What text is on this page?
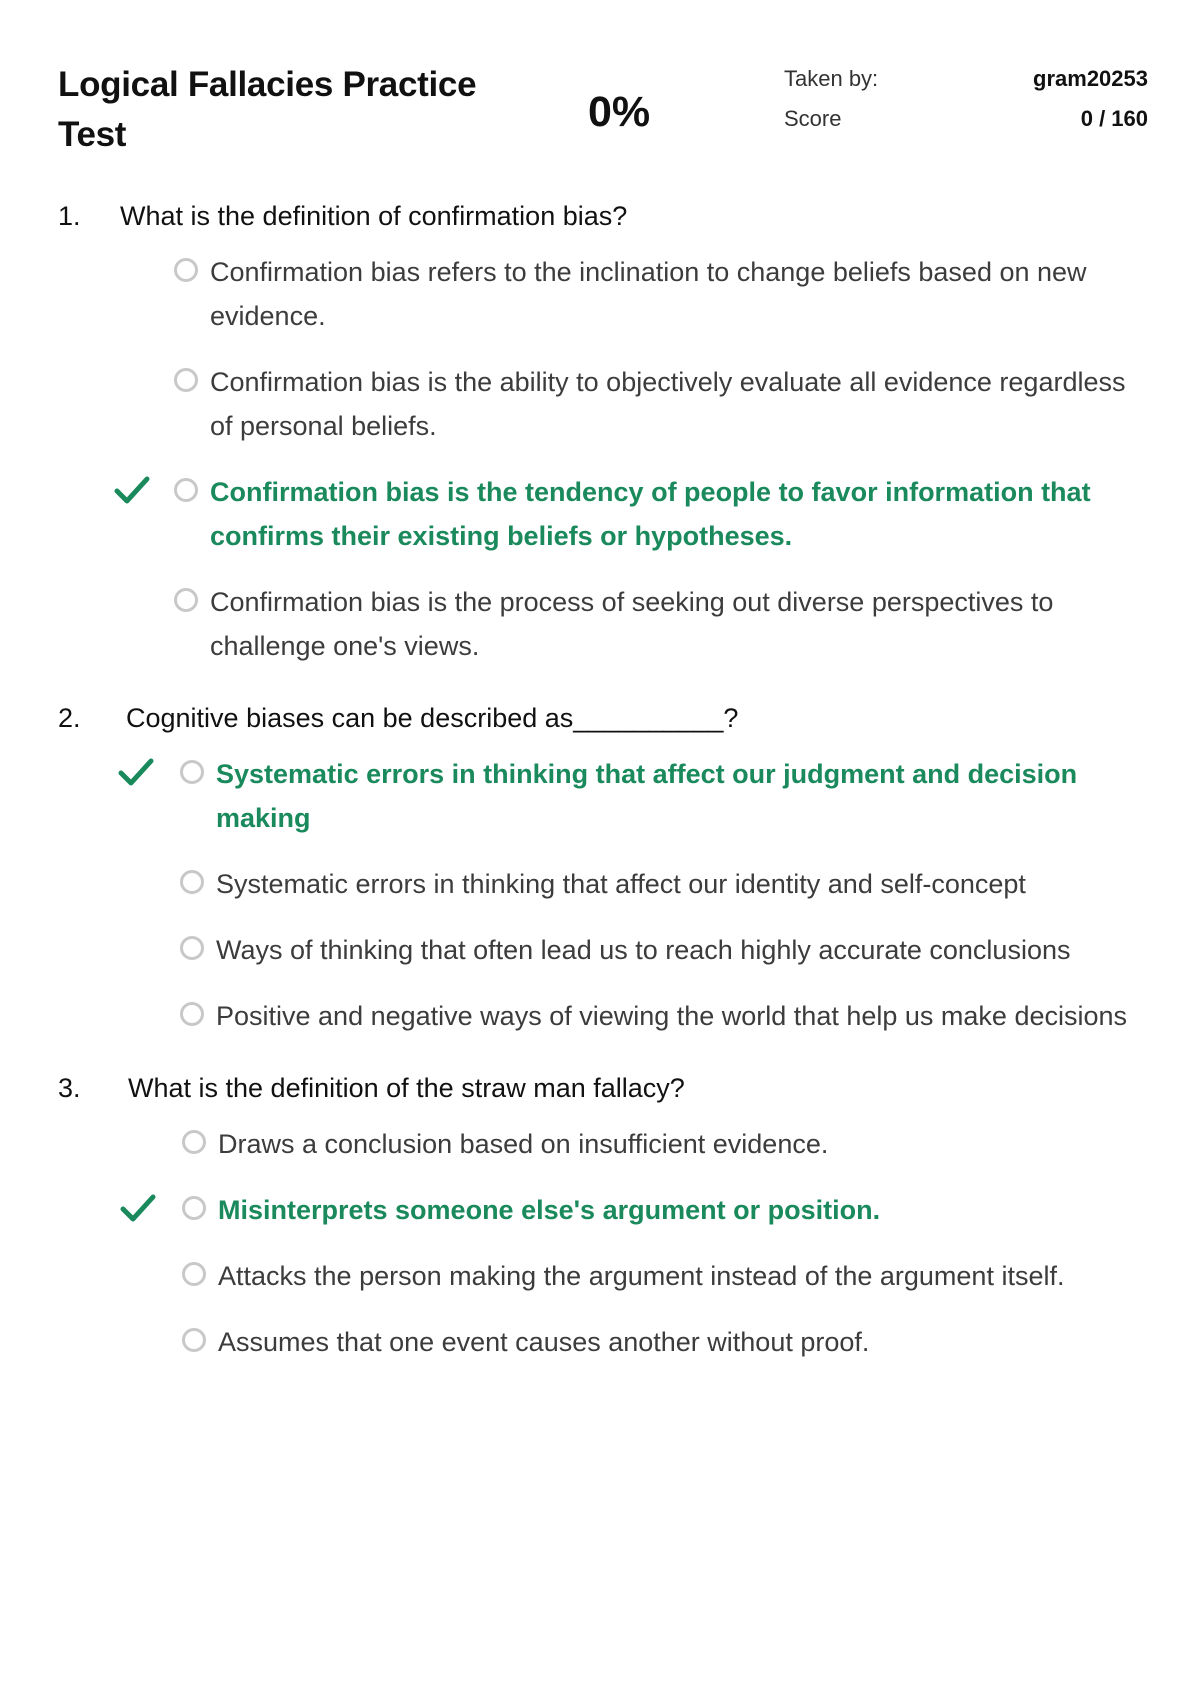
Logical Fallacies Practice Test	0%
Taken by:	gram20253
Score	0 / 160
1.	What is the definition of confirmation bias?
Confirmation bias refers to the inclination to change beliefs based on new evidence.
Confirmation bias is the ability to objectively evaluate all evidence regardless of personal beliefs.
Confirmation bias is the tendency of people to favor information that confirms their existing beliefs or hypotheses.
Confirmation bias is the process of seeking out diverse perspectives to challenge one's views.
2.	Cognitive biases can be described as__________?
Systematic errors in thinking that affect our judgment and decision making
Systematic errors in thinking that affect our identity and self-concept
Ways of thinking that often lead us to reach highly accurate conclusions
Positive and negative ways of viewing the world that help us make decisions
3.	What is the definition of the straw man fallacy?
Draws a conclusion based on insufficient evidence.
Misinterprets someone else's argument or position.
Attacks the person making the argument instead of the argument itself.
Assumes that one event causes another without proof.
